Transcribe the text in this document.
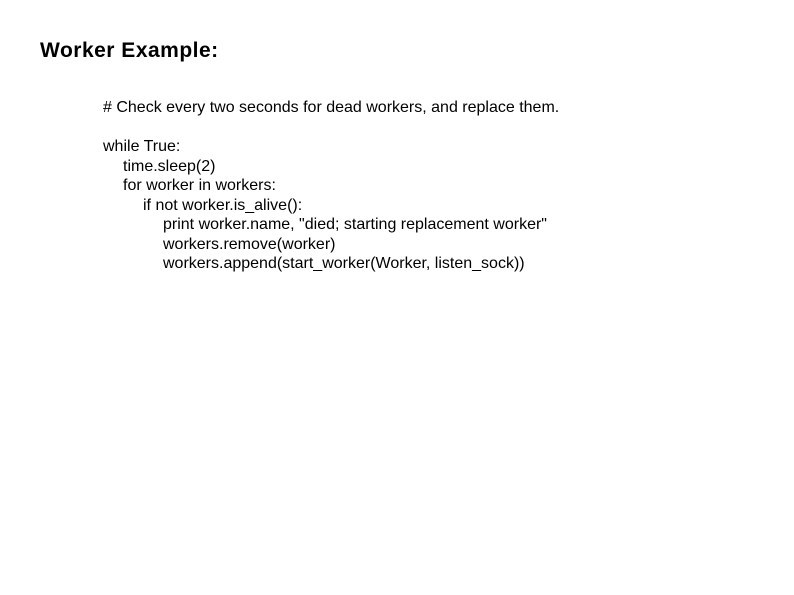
Worker Example:
# Check every two seconds for dead workers, and replace them.
while True:
time.sleep(2)
for worker in workers:
if not worker.is_alive():
print worker.name, "died; starting replacement worker"
workers.remove(worker)
workers.append(start_worker(Worker, listen_sock))
